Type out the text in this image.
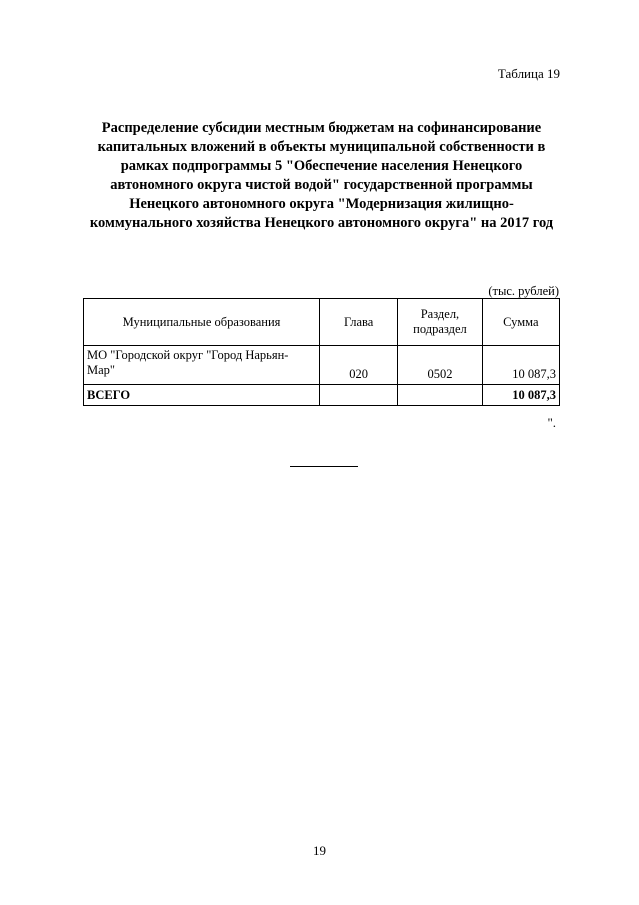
Таблица 19
Распределение субсидии местным бюджетам на софинансирование капитальных вложений в объекты муниципальной собственности в рамках подпрограммы 5 "Обеспечение населения Ненецкого автономного округа чистой водой" государственной программы Ненецкого автономного округа "Модернизация жилищно-коммунального хозяйства Ненецкого автономного округа" на 2017 год
(тыс. рублей)
Муниципальные образования	Глава	Раздел, подраздел	Сумма
МО "Городской округ "Город Нарьян-Мар"	020	0502	10 087,3
ВСЕГО			10 087,3
".
19
